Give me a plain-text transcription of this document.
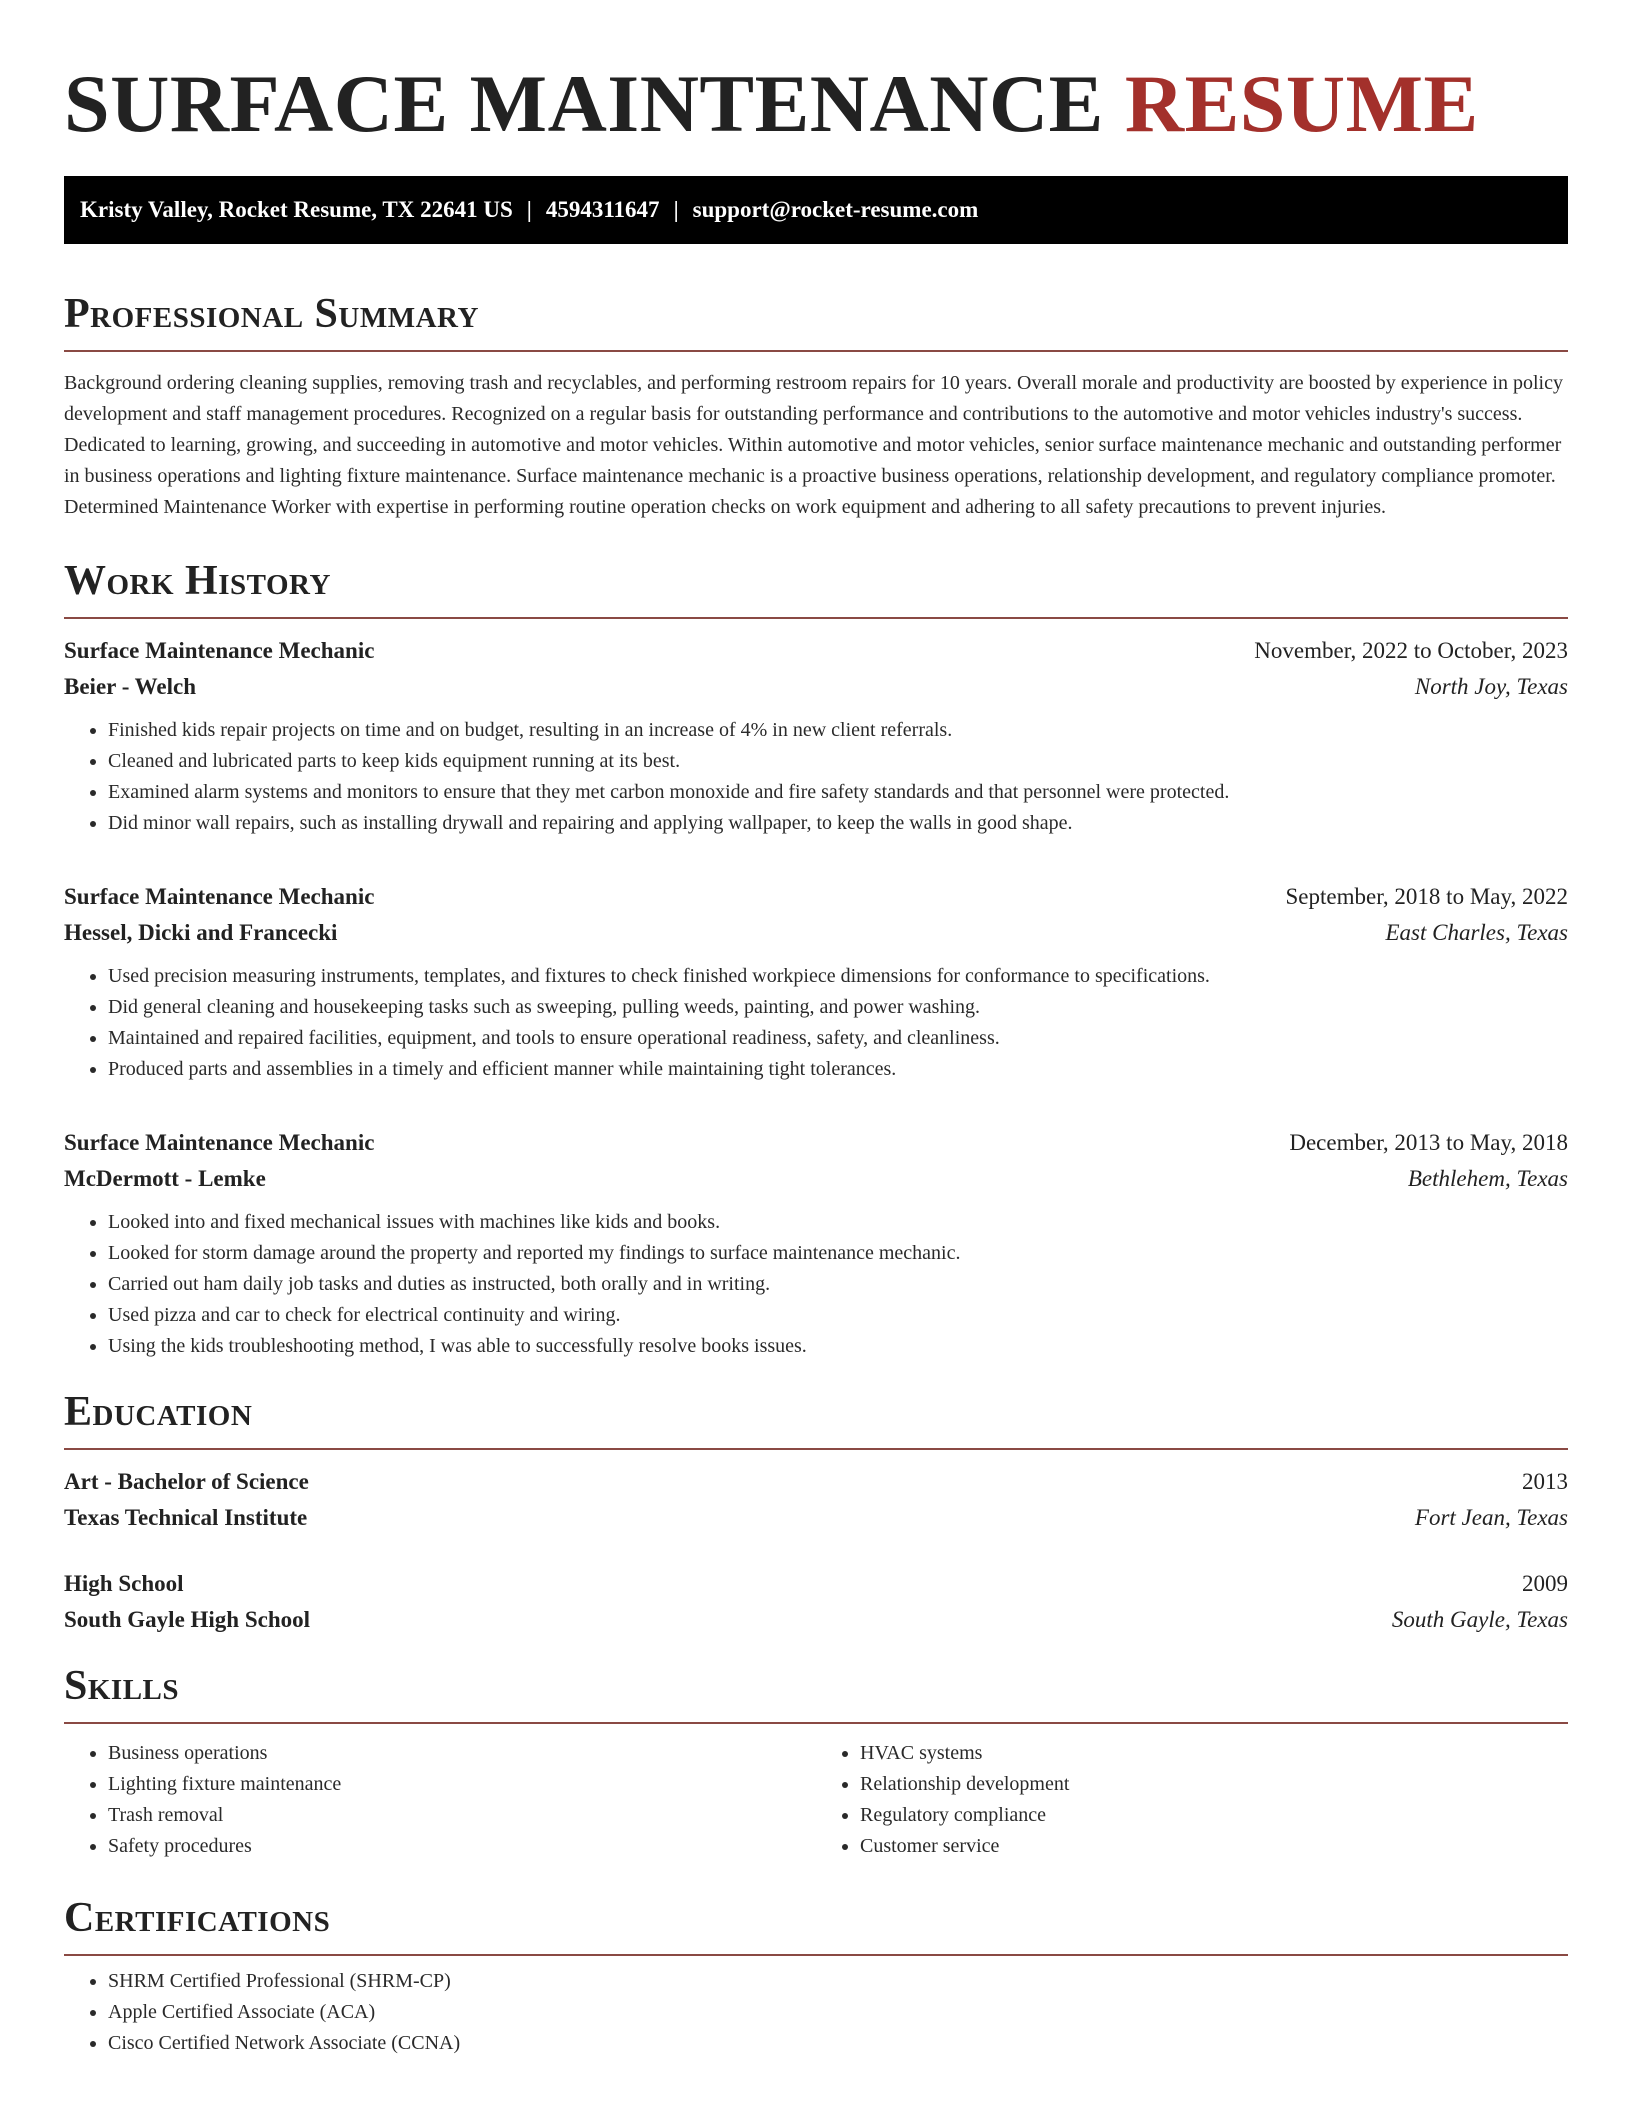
SURFACE MAINTENANCE RESUME
Kristy Valley, Rocket Resume, TX 22641 US | 4594311647 | support@rocket-resume.com
Professional Summary

Background ordering cleaning supplies, removing trash and recyclables, and performing restroom repairs for 10 years. Overall morale and productivity are boosted by experience in policy development and staff management procedures. Recognized on a regular basis for outstanding performance and contributions to the automotive and motor vehicles industry's success. Dedicated to learning, growing, and succeeding in automotive and motor vehicles. Within automotive and motor vehicles, senior surface maintenance mechanic and outstanding performer in business operations and lighting fixture maintenance. Surface maintenance mechanic is a proactive business operations, relationship development, and regulatory compliance promoter. Determined Maintenance Worker with expertise in performing routine operation checks on work equipment and adhering to all safety precautions to prevent injuries.

Work History
Surface Maintenance Mechanic	November, 2022 to October, 2023
Beier - Welch	North Joy, Texas
• Finished kids repair projects on time and on budget, resulting in an increase of 4% in new client referrals.
• Cleaned and lubricated parts to keep kids equipment running at its best.
• Examined alarm systems and monitors to ensure that they met carbon monoxide and fire safety standards and that personnel were protected.
• Did minor wall repairs, such as installing drywall and repairing and applying wallpaper, to keep the walls in good shape.
Surface Maintenance Mechanic	September, 2018 to May, 2022
Hessel, Dicki and Francecki	East Charles, Texas
• Used precision measuring instruments, templates, and fixtures to check finished workpiece dimensions for conformance to specifications.
• Did general cleaning and housekeeping tasks such as sweeping, pulling weeds, painting, and power washing.
• Maintained and repaired facilities, equipment, and tools to ensure operational readiness, safety, and cleanliness.
• Produced parts and assemblies in a timely and efficient manner while maintaining tight tolerances.
Surface Maintenance Mechanic	December, 2013 to May, 2018
McDermott - Lemke	Bethlehem, Texas
• Looked into and fixed mechanical issues with machines like kids and books.
• Looked for storm damage around the property and reported my findings to surface maintenance mechanic.
• Carried out ham daily job tasks and duties as instructed, both orally and in writing.
• Used pizza and car to check for electrical continuity and wiring.
• Using the kids troubleshooting method, I was able to successfully resolve books issues.
Education
Art - Bachelor of Science	2013
Texas Technical Institute	Fort Jean, Texas
High School	2009
South Gayle High School	South Gayle, Texas
Skills
• Business operations
• Lighting fixture maintenance
• Trash removal
• Safety procedures
• HVAC systems
• Relationship development
• Regulatory compliance
• Customer service
Certifications
• SHRM Certified Professional (SHRM-CP)
• Apple Certified Associate (ACA)
• Cisco Certified Network Associate (CCNA)
